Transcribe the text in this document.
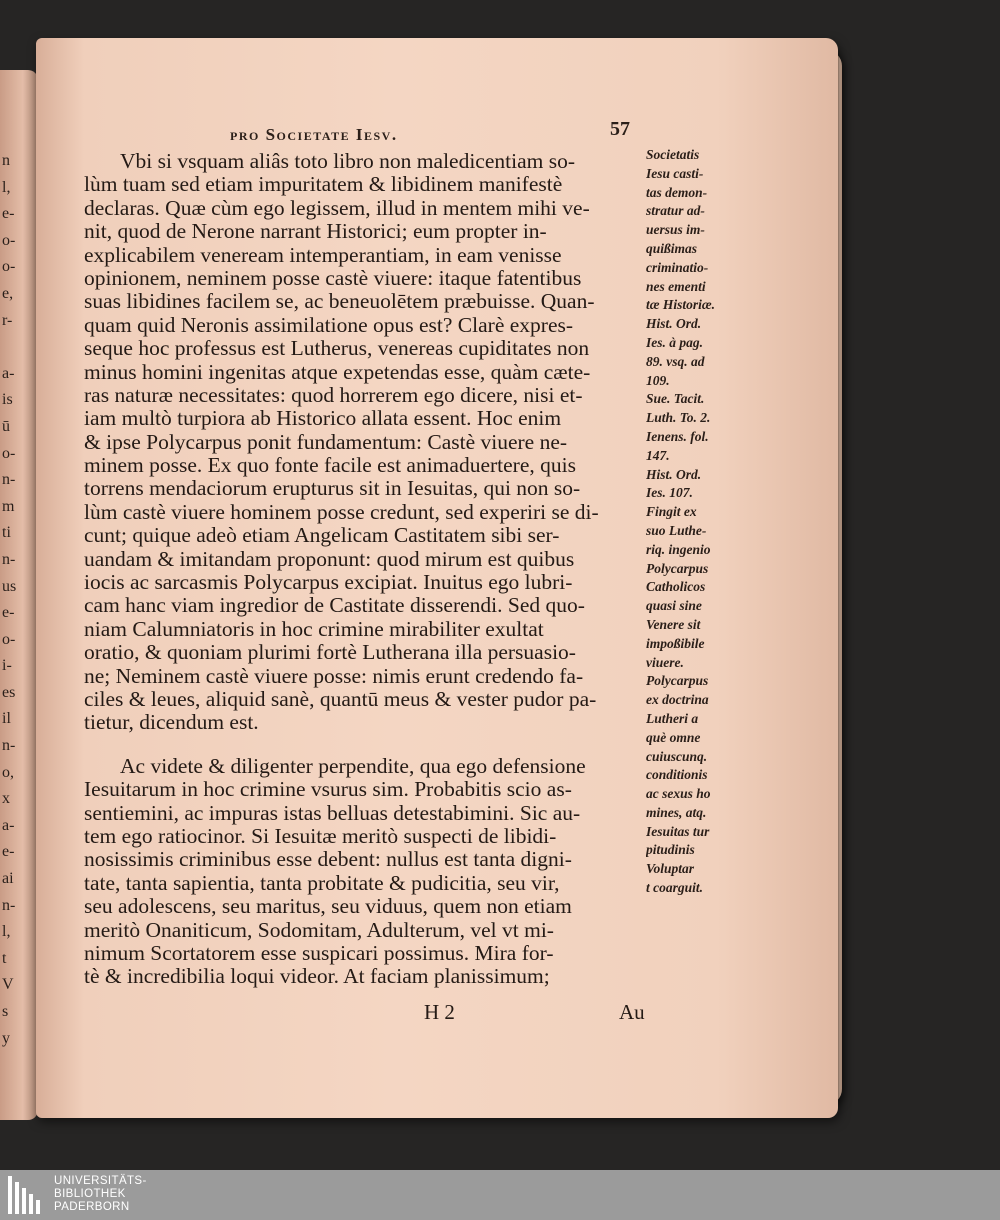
n
l,
e-
o-
o-
e,
r-
a-
is
ū
o-
n-
m
ti
n-
us
e-
o-
i-
es
il
n-
o,
x
a-
e-
ai
n-
l,
t
V
s
y
pro Societate Iesv.	57
Vbi si vsquam aliâs toto libro non maledicentiam so-
lùm tuam sed etiam impuritatem & libidinem manifestè
declaras. Quæ cùm ego legissem, illud in mentem mihi ve-
nit, quod de Nerone narrant Historici; eum propter in-
explicabilem veneream intemperantiam, in eam venisse
opinionem, neminem posse castè viuere: itaque fatentibus
suas libidines facilem se, ac beneuolētem præbuisse. Quan-
quam quid Neronis assimilatione opus est? Clarè expres-
seque hoc professus est Lutherus, venereas cupiditates non
minus homini ingenitas atque expetendas esse, quàm cæte-
ras naturæ necessitates: quod horrerem ego dicere, nisi et-
iam multò turpiora ab Historico allata essent. Hoc enim
& ipse Polycarpus ponit fundamentum: Castè viuere ne-
minem posse. Ex quo fonte facile est animaduertere, quis
torrens mendaciorum erupturus sit in Iesuitas, qui non so-
lùm castè viuere hominem posse credunt, sed experiri se di-
cunt; quique adeò etiam Angelicam Castitatem sibi ser-
uandam & imitandam proponunt: quod mirum est quibus
iocis ac sarcasmis Polycarpus excipiat. Inuitus ego lubri-
cam hanc viam ingredior de Castitate disserendi. Sed quo-
niam Calumniatoris in hoc crimine mirabiliter exultat
oratio, & quoniam plurimi fortè Lutherana illa persuasio-
ne; Neminem castè viuere posse: nimis erunt credendo fa-
ciles & leues, aliquid sanè, quantū meus & vester pudor pa-
tietur, dicendum est.
Ac videte & diligenter perpendite, qua ego defensione
Iesuitarum in hoc crimine vsurus sim. Probabitis scio as-
sentiemini, ac impuras istas belluas detestabimini. Sic au-
tem ego ratiocinor. Si Iesuitæ meritò suspecti de libidi-
nosissimis criminibus esse debent: nullus est tanta digni-
tate, tanta sapientia, tanta probitate & pudicitia, seu vir,
seu adolescens, seu maritus, seu viduus, quem non etiam
meritò Onaniticum, Sodomitam, Adulterum, vel vt mi-
nimum Scortatorem esse suspicari possimus. Mira for-
tè & incredibilia loqui videor. At faciam planissimum;
Societatis
Iesu casti-
tas demon-
stratur ad-
uersus im-
quißimas
criminatio-
nes ementi
tæ Historiæ.
Hist. Ord.
Ies. à pag.
89. vsq. ad
109.
Sue. Tacit.
Luth. To. 2.
Ienens. fol.
147.
Hist. Ord.
Ies. 107.
Fingit ex
suo Luthe-
riq. ingenio
Polycarpus
Catholicos
quasi sine
Venere sit
impoßibile
viuere.
Polycarpus
ex doctrina
Lutheri a
què omne
cuiuscunq.
conditionis
ac sexus ho
mines, atq.
Iesuitas tur
pitudinis
Voluptar
t coarguit.
H 2	Au
UNIVERSITÄTS-
BIBLIOTHEK
PADERBORN
